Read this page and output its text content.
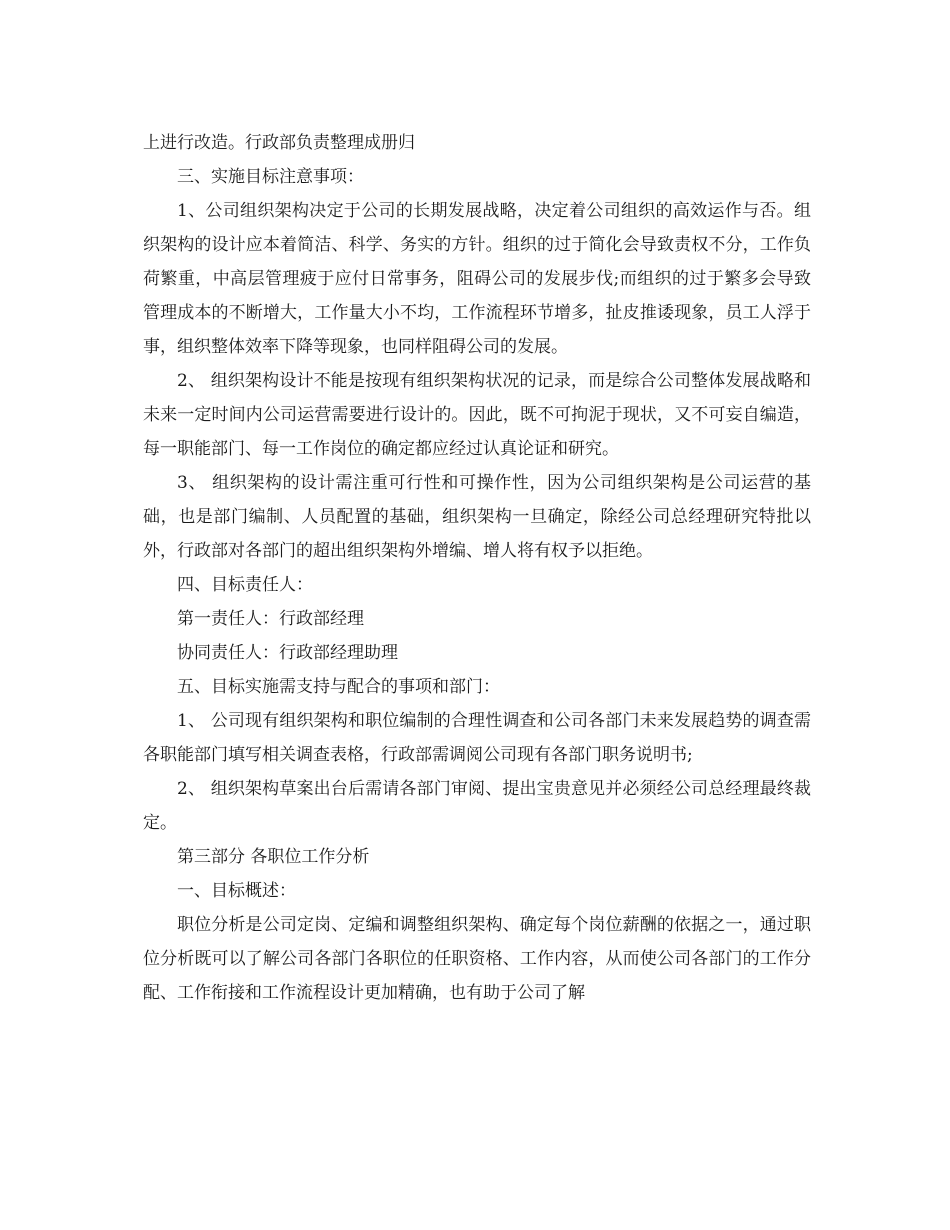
上进行改造。行政部负责整理成册归

三、实施目标注意事项：

1、公司组织架构决定于公司的长期发展战略，决定着公司组织的高效运作与否。组织架构的设计应本着简洁、科学、务实的方针。组织的过于简化会导致责权不分，工作负荷繁重，中高层管理疲于应付日常事务，阻碍公司的发展步伐;而组织的过于繁多会导致管理成本的不断增大，工作量大小不均，工作流程环节增多，扯皮推诿现象，员工人浮于事，组织整体效率下降等现象，也同样阻碍公司的发展。

2、 组织架构设计不能是按现有组织架构状况的记录，而是综合公司整体发展战略和未来一定时间内公司运营需要进行设计的。因此，既不可拘泥于现状，又不可妄自编造，每一职能部门、每一工作岗位的确定都应经过认真论证和研究。

3、 组织架构的设计需注重可行性和可操作性，因为公司组织架构是公司运营的基础，也是部门编制、人员配置的基础，组织架构一旦确定，除经公司总经理研究特批以外，行政部对各部门的超出组织架构外增编、增人将有权予以拒绝。

四、目标责任人：

第一责任人：行政部经理

协同责任人：行政部经理助理

五、目标实施需支持与配合的事项和部门：

1、 公司现有组织架构和职位编制的合理性调查和公司各部门未来发展趋势的调查需各职能部门填写相关调查表格，行政部需调阅公司现有各部门职务说明书;

2、 组织架构草案出台后需请各部门审阅、提出宝贵意见并必须经公司总经理最终裁定。

第三部分 各职位工作分析

一、目标概述：

职位分析是公司定岗、定编和调整组织架构、确定每个岗位薪酬的依据之一，通过职位分析既可以了解公司各部门各职位的任职资格、工作内容，从而使公司各部门的工作分配、工作衔接和工作流程设计更加精确，也有助于公司了解
